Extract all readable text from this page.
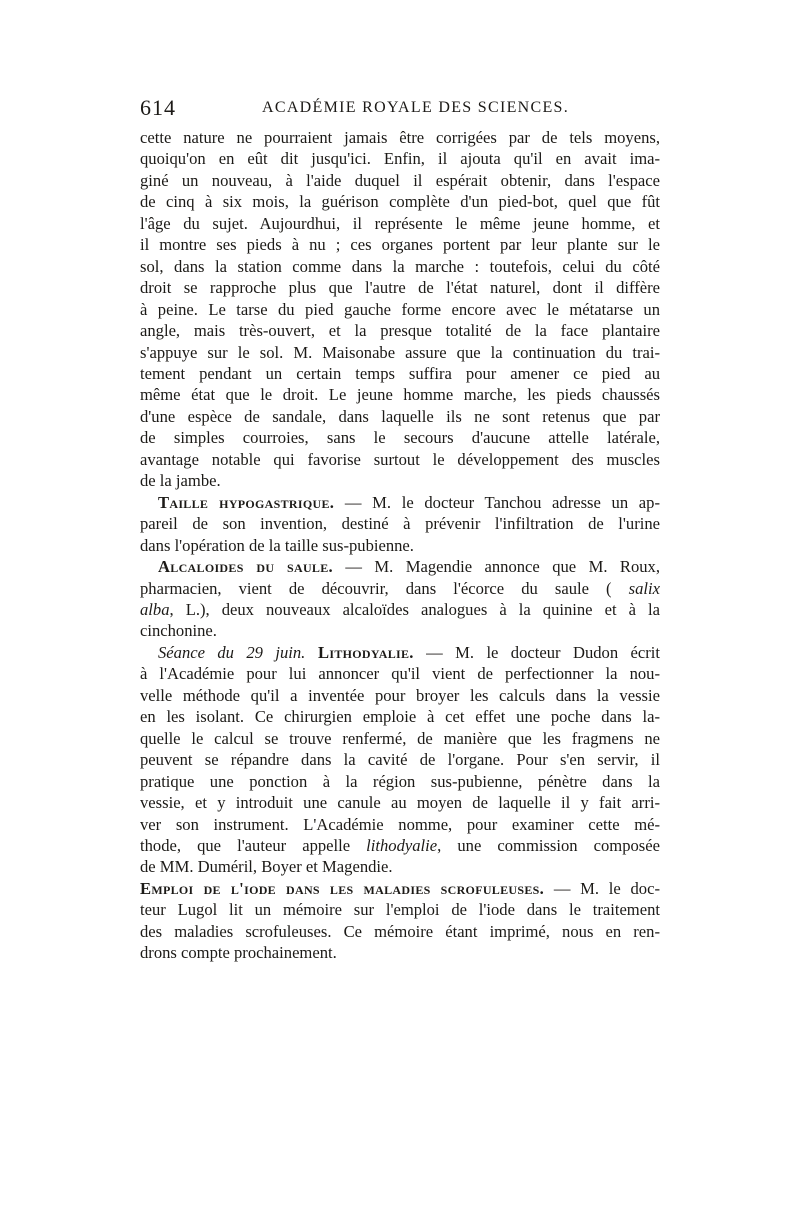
614	ACADÉMIE ROYALE DES SCIENCES.
cette nature ne pourraient jamais être corrigées par de tels moyens,
quoiqu'on en eût dit jusqu'ici. Enfin, il ajouta qu'il en avait ima-
giné un nouveau, à l'aide duquel il espérait obtenir, dans l'espace
de cinq à six mois, la guérison complète d'un pied-bot, quel que fût
l'âge du sujet. Aujourdhui, il représente le même jeune homme, et
il montre ses pieds à nu ; ces organes portent par leur plante sur le
sol, dans la station comme dans la marche : toutefois, celui du côté
droit se rapproche plus que l'autre de l'état naturel, dont il diffère
à peine. Le tarse du pied gauche forme encore avec le métatarse un
angle, mais très-ouvert, et la presque totalité de la face plantaire
s'appuye sur le sol. M. Maisonabe assure que la continuation du trai-
tement pendant un certain temps suffira pour amener ce pied au
même état que le droit. Le jeune homme marche, les pieds chaussés
d'une espèce de sandale, dans laquelle ils ne sont retenus que par
de simples courroies, sans le secours d'aucune attelle latérale,
avantage notable qui favorise surtout le développement des muscles
de la jambe.
Taille hypogastrique. — M. le docteur Tanchou adresse un ap-
pareil de son invention, destiné à prévenir l'infiltration de l'urine
dans l'opération de la taille sus-pubienne.
Alcaloides du saule. — M. Magendie annonce que M. Roux,
pharmacien, vient de découvrir, dans l'écorce du saule ( salix
alba, L.), deux nouveaux alcaloïdes analogues à la quinine et à la
cinchonine.
Séance du 29 juin. Lithodyalie. — M. le docteur Dudon écrit
à l'Académie pour lui annoncer qu'il vient de perfectionner la nou-
velle méthode qu'il a inventée pour broyer les calculs dans la vessie
en les isolant. Ce chirurgien emploie à cet effet une poche dans la-
quelle le calcul se trouve renfermé, de manière que les fragmens ne
peuvent se répandre dans la cavité de l'organe. Pour s'en servir, il
pratique une ponction à la région sus-pubienne, pénètre dans la
vessie, et y introduit une canule au moyen de laquelle il y fait arri-
ver son instrument. L'Académie nomme, pour examiner cette mé-
thode, que l'auteur appelle lithodyalie, une commission composée
de MM. Duméril, Boyer et Magendie.
Emploi de l'iode dans les maladies scrofuleuses. — M. le doc-
teur Lugol lit un mémoire sur l'emploi de l'iode dans le traitement
des maladies scrofuleuses. Ce mémoire étant imprimé, nous en ren-
drons compte prochainement.
